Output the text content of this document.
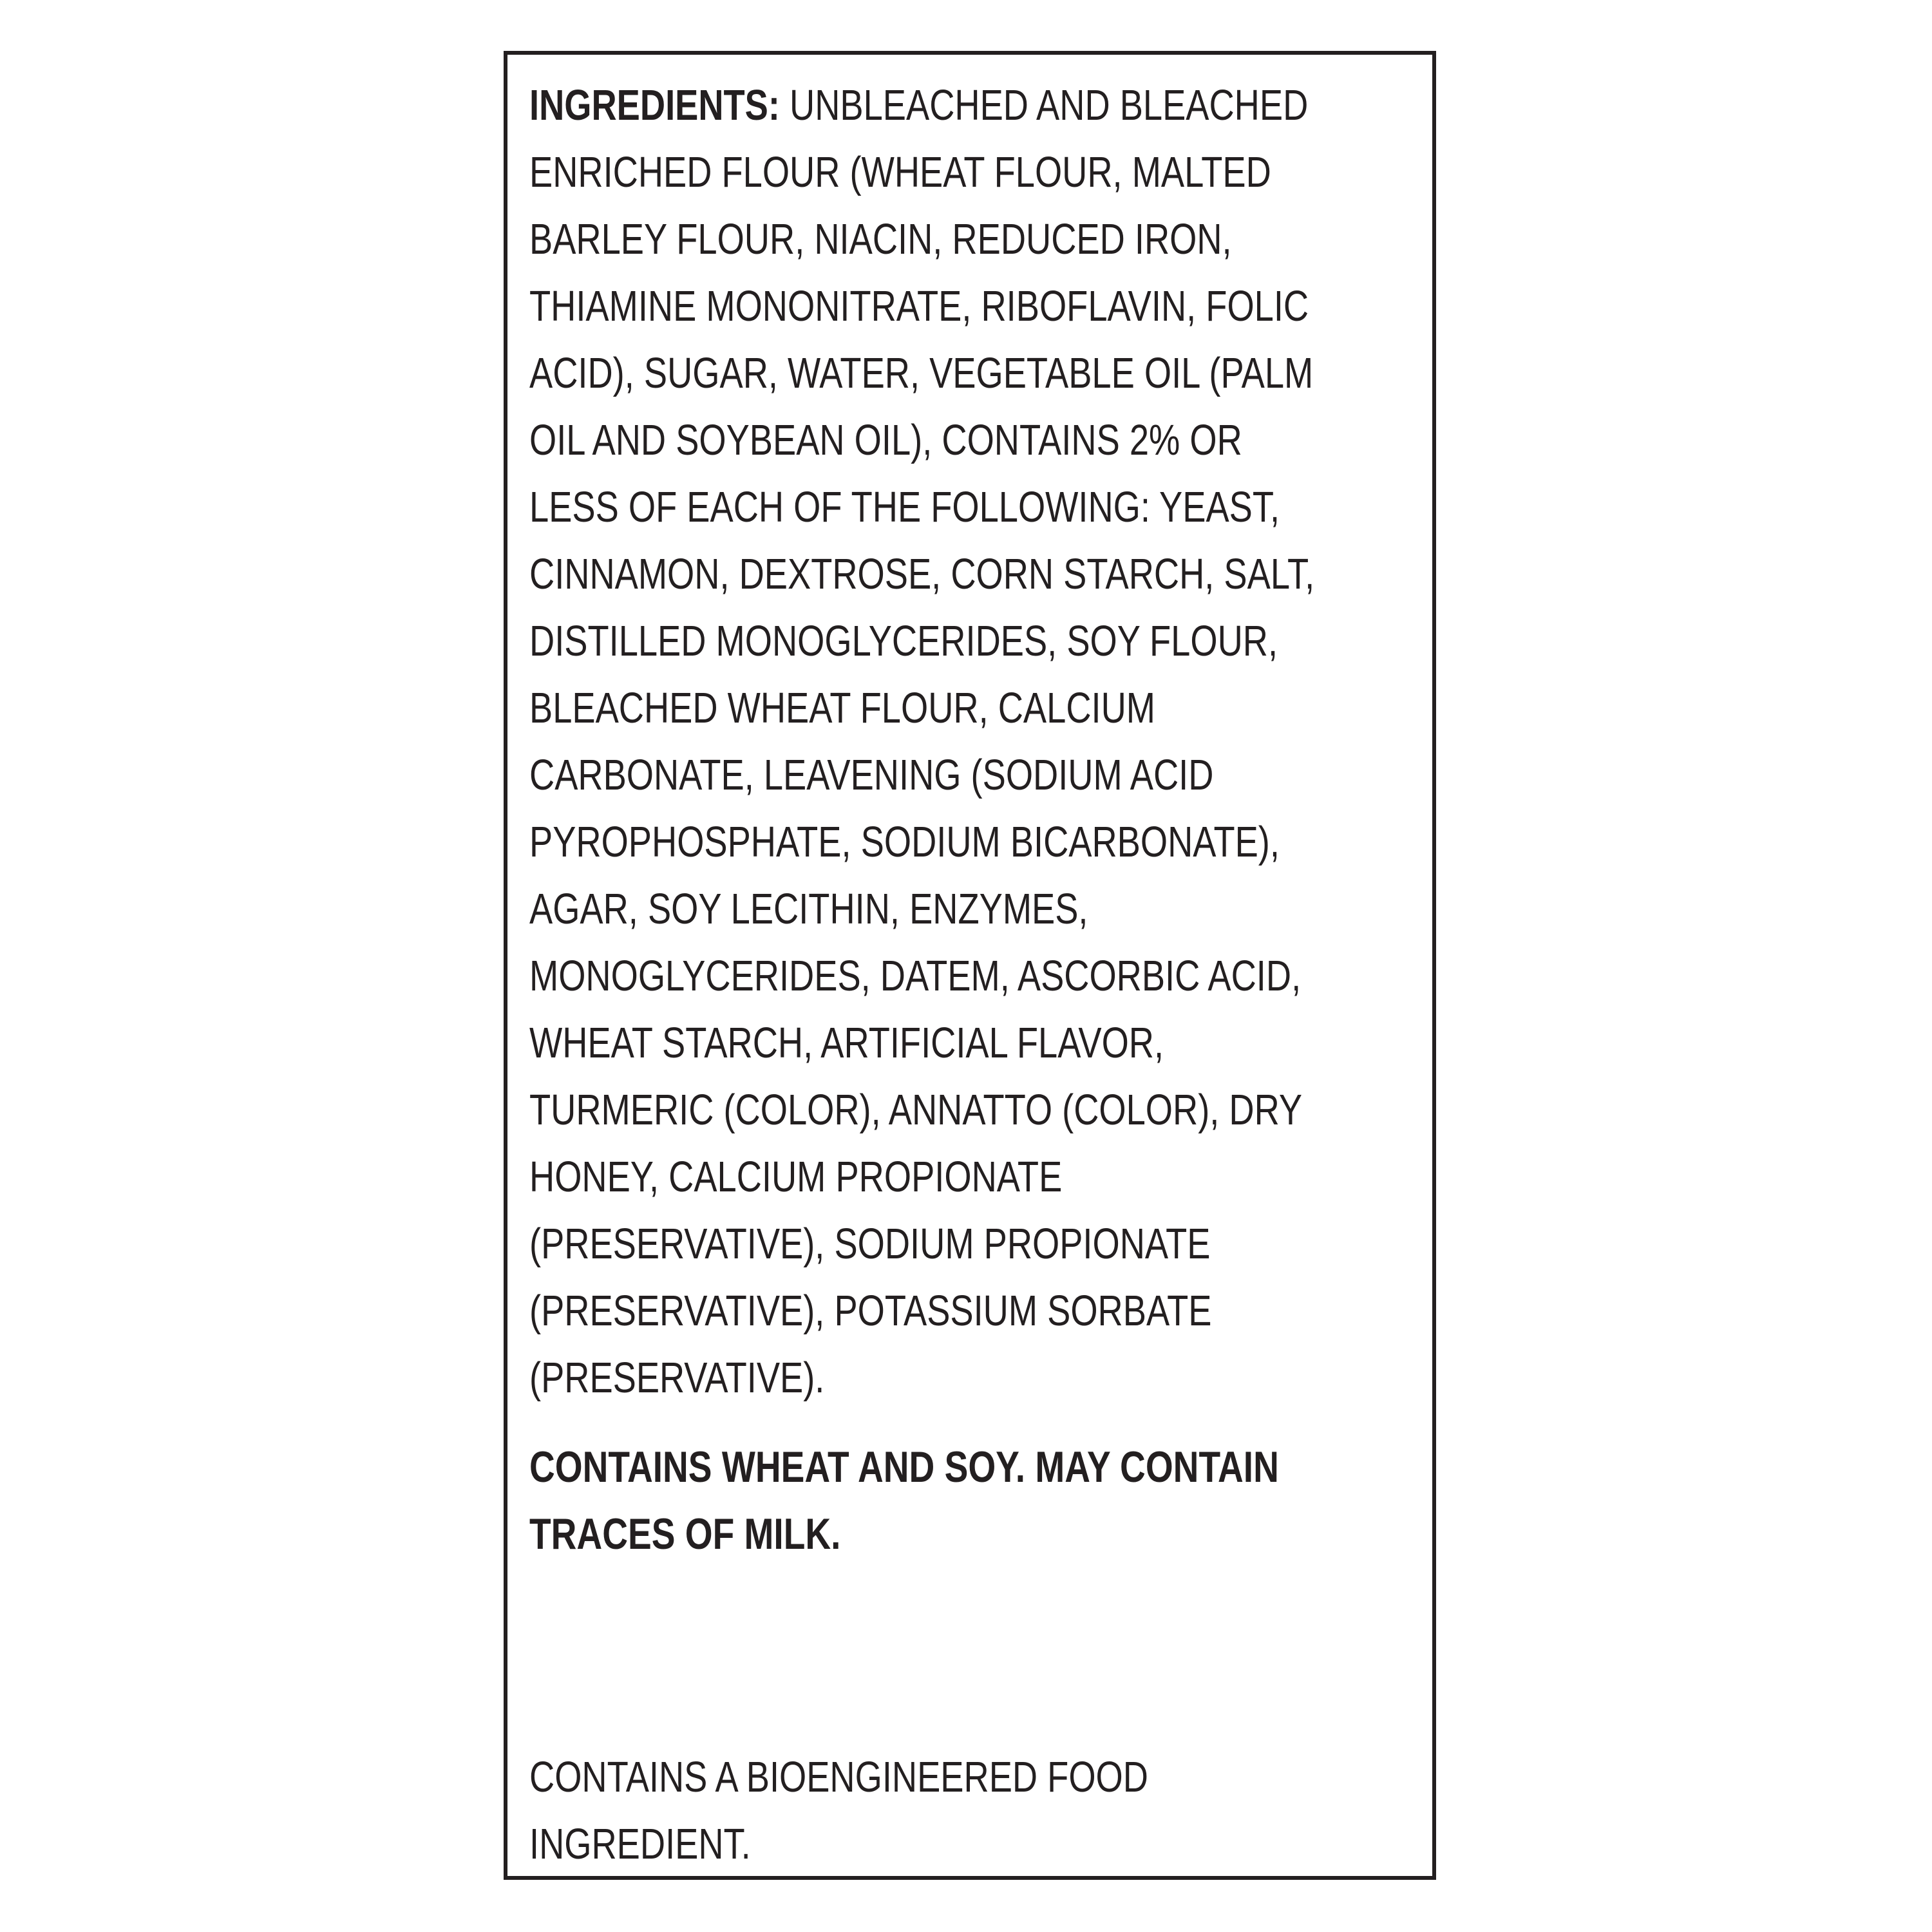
INGREDIENTS: UNBLEACHED AND BLEACHED
ENRICHED FLOUR (WHEAT FLOUR, MALTED
BARLEY FLOUR, NIACIN, REDUCED IRON,
THIAMINE MONONITRATE, RIBOFLAVIN, FOLIC
ACID), SUGAR, WATER, VEGETABLE OIL (PALM
OIL AND SOYBEAN OIL), CONTAINS 2% OR
LESS OF EACH OF THE FOLLOWING: YEAST,
CINNAMON, DEXTROSE, CORN STARCH, SALT,
DISTILLED MONOGLYCERIDES, SOY FLOUR,
BLEACHED WHEAT FLOUR, CALCIUM
CARBONATE, LEAVENING (SODIUM ACID
PYROPHOSPHATE, SODIUM BICARBONATE),
AGAR, SOY LECITHIN, ENZYMES,
MONOGLYCERIDES, DATEM, ASCORBIC ACID,
WHEAT STARCH, ARTIFICIAL FLAVOR,
TURMERIC (COLOR), ANNATTO (COLOR), DRY
HONEY, CALCIUM PROPIONATE
(PRESERVATIVE), SODIUM PROPIONATE
(PRESERVATIVE), POTASSIUM SORBATE
(PRESERVATIVE).

CONTAINS WHEAT AND SOY. MAY CONTAIN
TRACES OF MILK.

CONTAINS A BIOENGINEERED FOOD
INGREDIENT.
